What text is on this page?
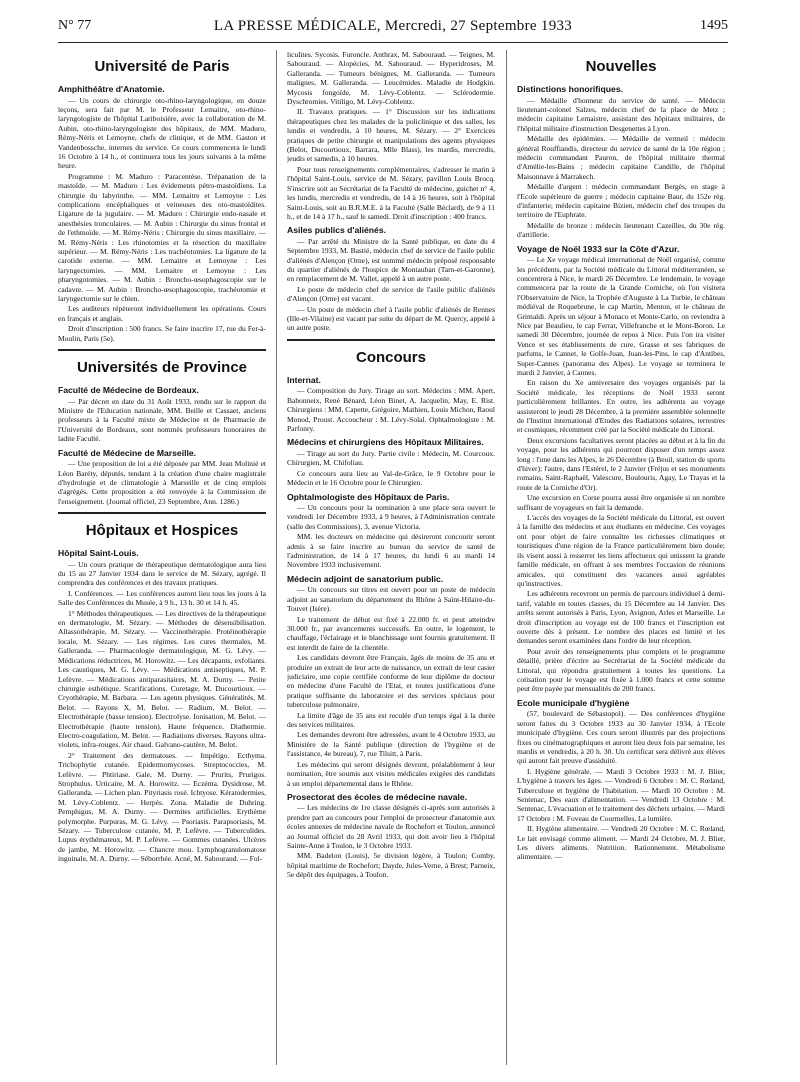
N° 77	LA PRESSE MÉDICALE, Mercredi, 27 Septembre 1933	1495
Université de Paris
Amphithéâtre d'Anatomie.

— Un cours de chirurgie oto-rhino-laryngologique, en douze leçons, sera fait par M. le Professeur Lemaitre, oto-rhino-laryngologiste de l'hôpital Lariboisière, avec la collaboration de M. Aubin, oto-rhino-laryngologiste des hôpitaux, de MM. Maduro, Rémy-Néris et Lemoyne, chefs de clinique, et de MM. Gaston et Vandenbossche, internes du service. Ce cours commencera le lundi 16 Octobre à 14 h., et continuera tous les jours suivants à la même heure.

Programme : M. Maduro : Paracentèse. Trépanation de la mastoïde. — M. Maduro : Les évidements pétro-mastoïdiens. La chirurgie du labyrinthe. — MM. Lemaitre et Lemoyne : Les complications encéphaliques et veineuses des oto-mastoïdites. Ligature de la jugulaire. — M. Maduro : Chirurgie endo-nasale et anesthésies tronculaires. — M. Aubin : Chirurgie du sinus frontal et de l'ethmoïde. — M. Rémy-Néris : Chirurgie du sinus maxillaire. — M. Rémy-Néris : Les rhinotomies et la résection du maxillaire supérieur. — M. Rémy-Néris : Les trachéotomies. La ligature de la carotide externe. — MM. Lemaitre et Lemoyne : Les laryngectomies. — MM. Lemaitre et Lemoyne : Les pharyngotomies. — M. Aubin : Broncho-œsophagoscopie sur le cadavre. — M. Aubin : Broncho-œsophagoscopie, trachéotomie et laryngectomie sur le chien.

Les auditeurs répèteront individuellement les opérations. Cours en français et anglais.

Droit d'inscription : 500 francs. Se faire inscrire 17, rue du Fer-à-Moulin, Paris (5e).

Universités de Province
Faculté de Médecine de Bordeaux.

— Par décret en date du 31 Août 1933, rendu sur le rapport du Ministre de l'Education nationale, MM. Beille et Cassaet, anciens professeurs à la Faculté mixte de Médecine et de Pharmacie de l'Université de Bordeaux, sont nommés professeurs honoraires de ladite Faculté.

Faculté de Médecine de Marseille.

— Une proposition de loi a été déposée par MM. Jean Molinié et Léon Baréty, députés, tendant à la création d'une chaire magistrale d'hydrologie et de climatologie à Marseille et de cinq emplois d'agrégés. Cette proposition a été renvoyée à la Commission de l'enseignement. (Journal officiel, 23 Septembre, Ann. 1286.)

Hôpitaux et Hospices
Hôpital Saint-Louis.

— Un cours pratique de thérapeutique dermatologique aura lieu du 15 au 27 Janvier 1934 dans le service de M. Sézary, agrégé. Il comprendra des conférences et des travaux pratiques.

I. Conférences. — Les conférences auront lieu tous les jours à la Salle des Conférences du Musée, à 9 h., 13 h. 30 et 14 h. 45.

1° Méthodes thérapeutiques. — Les directives de la thérapeutique en dermatologie, M. Sézary. — Méthodes de désensibilisation. Allassothérapie, M. Sézary. — Vaccinothérapie. Protéinothérapie locale, M. Sézary. — Les régimes. Les cures thermales, M. Galleranda. — Pharmacologie dermatologique, M. G. Lévy. — Médications réductrices, M. Horowitz. — Les décapants, exfoliants. Les caustiques, M. G. Lévy. — Médications antiseptiques, M. P. Lefèvre. — Médications antiparasitaires, M. A. Durny. — Petite chirurgie esthétique. Scarifications. Curetage, M. Ducourtioux. — Cryothérapie, M. Barbara. — Les agents physiques. Généralités, M. Belot. — Rayons X, M. Belot. — Radium, M. Belot. — Electrothérapie (basse tension). Electrolyse. Ionisation, M. Belot. — Electrothérapie (haute tension). Haute fréquence. Diathermie. Electro-coagulation, M. Belot. — Radiations diverses. Rayons ultra-violets, infra-rouges. Air chaud. Galvano-cautère, M. Belot.

2° Traitement des dermatoses. — Impétigo. Ecthyma. Trichophytie cutanée. Epidermomycoses. Streptococcies, M. Lefèvre. — Phtiriase. Gale, M. Durny. — Prurits, Prurigos. Strophulus. Urticaire, M. A. Horowitz. — Eczéma. Dysidrose, M. Galleranda. — Lichen plan. Pityriasis rosé. Ichtyose. Kératodermies, M. Lévy-Coblentz. — Herpès. Zona. Maladie de Duhring. Pemphigus, M. A. Durny. — Dermites artificielles. Erythème polymorphe. Purpuras, M. G. Lévy. — Psoriasis. Parapsoriasis, M. Sézary. — Tuberculose cutanée, M. P. Lefèvre. — Tuberculides. Lupus érythémateux, M. P. Lefèvre. — Gommes cutanées. Ulcères de jambe, M. Horowitz. — Chancre mou. Lymphogranulomatose inguinale, M. A. Durny. — Séborrhée. Acné, M. Sabouraud. — Fol-

liculites. Sycosis. Furoncle. Anthrax, M. Sabouraud. — Teignes, M. Sabouraud. — Alopécies, M. Sabouraud. — Hyperidroses, M. Galleranda. — Tumeurs bénignes, M. Galleranda. — Tumeurs malignes, M. Galleranda. — Leucémides. Maladie de Hodgkin. Mycosis fongoïde, M. Lévy-Coblentz. — Sclérodermie. Dyschromies. Vitiligo, M. Lévy-Coblentz.

II. Travaux pratiques. — 1° Discussion sur les indications thérapeutiques chez les malades de la policlinique et des salles, les lundis et vendredis, à 10 heures, M. Sézary. — 2° Exercices pratiques de petite chirurgie et manipulations des agents physiques (Belot, Ducourtioux, Barrara, Mlle Blass), les mardis, mercredis, jeudis et samedis, à 10 heures.

Pour tous renseignements complémentaires, s'adresser le matin à l'hôpital Saint-Louis, service de M. Sézary, pavillon Louis Brocq. S'inscrire soit au Secrétariat de la Faculté de médecine, guichet n° 4, les lundis, mercredis et vendredis, de 14 à 16 heures, soit à l'hôpital Saint-Louis, soit au B.R.M.E. à la Faculté (Salle Béclard), de 9 à 11 h., et de 14 à 17 h., sauf le samedi. Droit d'inscription : 400 francs.

Asiles publics d'aliénés.

— Par arrêté du Ministre de la Santé publique, en date du 4 Septembre 1933, M. Bastié, médecin chef de service de l'asile public d'aliénés d'Alençon (Orne), est nommé médecin préposé responsable du quartier d'aliénés de l'hospice de Montauban (Tarn-et-Garonne), en remplacement de M. Vallet, appelé à un autre poste.

Le poste de médecin chef de service de l'asile public d'aliénés d'Alençon (Orne) est vacant.

— Un poste de médecin chef à l'asile public d'aliénés de Rennes (Ille-et-Vilaine) est vacant par suite du départ de M. Quercy, appelé à un autre poste.

Concours
Internat.

— Composition du Jury. Tirage au sort. Médecins : MM. Apert, Babonneix, René Bénard, Léon Binet, A. Jacquelin, May, E. Rist. Chirurgiens : MM. Capette, Grégoire, Mathieu, Louis Michon, Raoul Monod, Proust. Accoucheur : M. Lévy-Solal. Ophtalmologiste : M. Parfonry.

Médecins et chirurgiens des Hôpitaux Militaires.

— Tirage au sort du Jury. Partie civile : Médecin, M. Courcoux. Chirurgien, M. Chifoliau.

Ce concours aura lieu au Val-de-Grâce, le 9 Octobre pour le Médecin et le 16 Octobre pour le Chirurgien.

Ophtalmologiste des Hôpitaux de Paris.

— Un concours pour la nomination à une place sera ouvert le vendredi 1er Décembre 1933, à 9 heures, à l'Administration centrale (salle des Commissions), 3, avenue Victoria.

MM. les docteurs en médecine qui désireront concourir seront admis à se faire inscrire au bureau du service de santé de l'administration, de 14 à 17 heures, du lundi 6 au mardi 14 Novembre 1933 inclusivement.

Médecin adjoint de sanatorium public.

— Un concours sur titres est ouvert pour un poste de médecin adjoint au sanatorium du département du Rhône à Saint-Hilaire-du-Touvet (Isère).

Le traitement de début est fixé à 22.000 fr. et peut atteindre 30.000 fr., par avancements successifs. En outre, le logement, le chauffage, l'éclairage et le blanchissage sont fournis gratuitement. Il est interdit de faire de la clientèle.

Les candidats devront être Français, âgés de moins de 35 ans et produire un extrait de leur acte de naissance, un extrait de leur casier judiciaire, une copie certifiée conforme de leur diplôme de docteur en médecine d'une Faculté de l'Etat, et toutes justifications d'une pratique suffisante du laboratoire et des services spéciaux pour tuberculose pulmonaire.

La limite d'âge de 35 ans est reculée d'un temps égal à la durée des services militaires.

Les demandes devront être adressées, avant le 4 Octobre 1933, au Ministère de la Santé publique (direction de l'hygiène et de l'assistance, 4e bureau), 7, rue Tilsitt, à Paris.

Les médecins qui seront désignés devront, préalablement à leur nomination, être soumis aux visites médicales exigées des candidats à un emploi départemental dans le Rhône.

Prosectorat des écoles de médecine navale.

— Les médecins de 1re classe désignés ci-après sont autorisés à prendre part au concours pour l'emploi de prosecteur d'anatomie aux écoles annexes de médecine navale de Rochefort et Toulon, annoncé au Journal officiel du 28 Avril 1933, qui doit avoir lieu à l'hôpital Sainte-Anne à Toulon, le 3 Octobre 1933.

MM. Badelon (Louis), 5e division légère, à Toulon; Comby, hôpital maritime de Rochefort; Dayde, Jules-Verne, à Brest; Parneix, 5e dépôt des équipages, à Toulon.

Nouvelles
Distinctions honorifiques.

— Médaille d'honneur du service de santé. — Médecin lieutenant-colonel Salzes, médecin chef de la place de Metz ; médecin capitaine Lemaistre, assistant des hôpitaux militaires, de l'hôpital militaire d'instruction Desgenettes à Lyon.

Médaille des épidémies. — Médaille de vermeil : médecin général Rouffiandis, directeur du service de santé de la 10e région ; médecin commandant Pauron, de l'hôpital militaire thermal d'Amélie-les-Bains ; médecin capitaine Candille, de l'hôpital Maisonnave à Marrakech.

Médaille d'argent : médecin commandant Bergès, en stage à l'Ecole supérieure de guerre ; médecin capitaine Baur, du 152e rég. d'infanterie; médecin capitaine Bizien, médecin chef des troupes du territoire de l'Euphrate.

Médaille de bronze : médecin lieutenant Cazeilles, du 30e rég. d'artillerie.

Voyage de Noël 1933 sur la Côte d'Azur.

— Le Xe voyage médical international de Noël organisé, comme les précédents, par la Société médicale du Littoral méditerranéen, se concentrera à Nice, le mardi 26 Décembre. Le lendemain, le voyage commencera par la route de la Grande Corniche, où l'on visitera l'Observatoire de Nice, la Trophée d'Auguste à La Turbie, le château médiéval de Roquebrune, le cap Martin, Menton, et le château de Grimaldi. Après un séjour à Monaco et Monte-Carlo, on reviendra à Nice par Beaulieu, le cap Ferrat, Villefranche et le Mont-Boron. Le samedi 30 Décembre, journée de repos à Nice. Puis l'on ira visiter Vence et ses établissements de cure, Grasse et ses fabriques de parfums, le Cannet, le Golfe-Juan, Juan-les-Pins, le cap d'Antibes, Super-Cannes (panorama des Alpes). Le voyage se terminera le mardi 2 Janvier, à Cannes.

En raison du Xe anniversaire des voyages organisés par la Société médicale, les réceptions de Noël 1933 seront particulièrement brillantes. En outre, les adhérents au voyage assisteront le jeudi 28 Décembre, à la première assemblée solennelle de l'Institut international d'Etudes des Radiations solaires, terrestres et cosmiques, récemment créé par la Société médicale du Littoral.

Deux excursions facultatives seront placées au début et à la fin du voyage, pour les adhérents qui pourront disposer d'un temps assez long : l'une dans les Alpes, le 26 Décembre (à Beuil, station de sports d'hiver); l'autre, dans l'Estérel, le 2 Janvier (Fréjus et ses monuments romains, Saint-Raphaël, Valescure, Boulouris, Agay, Le Trayas et la route de la Corniche d'Or).

Une excursion en Corse pourra aussi être organisée si un nombre suffisant de voyageurs en fait la demande.

L'accès des voyages de la Société médicale du Littoral, est ouvert à la famille des médecins et aux étudiants en médecine. Ces voyages ont pour objet de faire connaître les richesses climatiques et touristiques d'une région de la France particulièrement bien douée; ils visent aussi à resserrer les liens affectueux qui unissent la grande famille médicale, en offrant à ses membres l'occasion de réunions amicales, qui constituent des vacances aussi agréables qu'instructives.

Les adhérents recevront un permis de parcours individuel à demi-tarif, valable en toutes classes, du 15 Décembre au 14 Janvier. Des arrêts seront autorisés à Paris, Lyon, Avignon, Arles et Marseille. Le droit d'inscription au voyage est de 100 francs et l'inscription est ouverte dès à présent. Le nombre des places est limité et les demandes seront examinées dans l'ordre de leur réception.

Pour avoir des renseignements plus complets et le programme détaillé, prière d'écrire au Secrétariat de la Société médicale du Littoral, qui répondra gratuitement à toutes les questions. La cotisation pour le voyage est fixée à 1.000 francs et cette somme peut être payée par mensualités de 200 francs.

Ecole municipale d'hygiène

(57, boulevard de Sébastopol). — Des conférences d'hygiène seront faites du 3 Octobre 1933 au 30 Janvier 1934, à l'Ecole municipale d'hygiène. Ces cours seront illustrés par des projections fixes ou cinématographiques et auront lieu deux fois par semaine, les mardis et vendredis, à 20 h. 30. Un certificat sera délivré aux élèves qui auront fait preuve d'assiduité.

I. Hygiène générale. — Mardi 3 Octobre 1933 : M. J. Blier, L'hygiène à travers les âges. — Vendredi 6 Octobre : M. C. Rœland, Tuberculose et hygiène de l'habitation. — Mardi 10 Octobre : M. Sentenac, Des eaux d'alimentation. — Vendredi 13 Octobre : M. Sentenac, L'évacuation et le traitement des déchets urbains. — Mardi 17 Octobre : M. Foveau de Courmelles, La lumière.

II. Hygiène alimentaire. — Vendredi 20 Octobre : M. C. Rœland, Le lait envisagé comme aliment. — Mardi 24 Octobre, M. J. Blier, Les divers aliments. Nutrition. Rationnement. Métabolisme alimentaire. —
